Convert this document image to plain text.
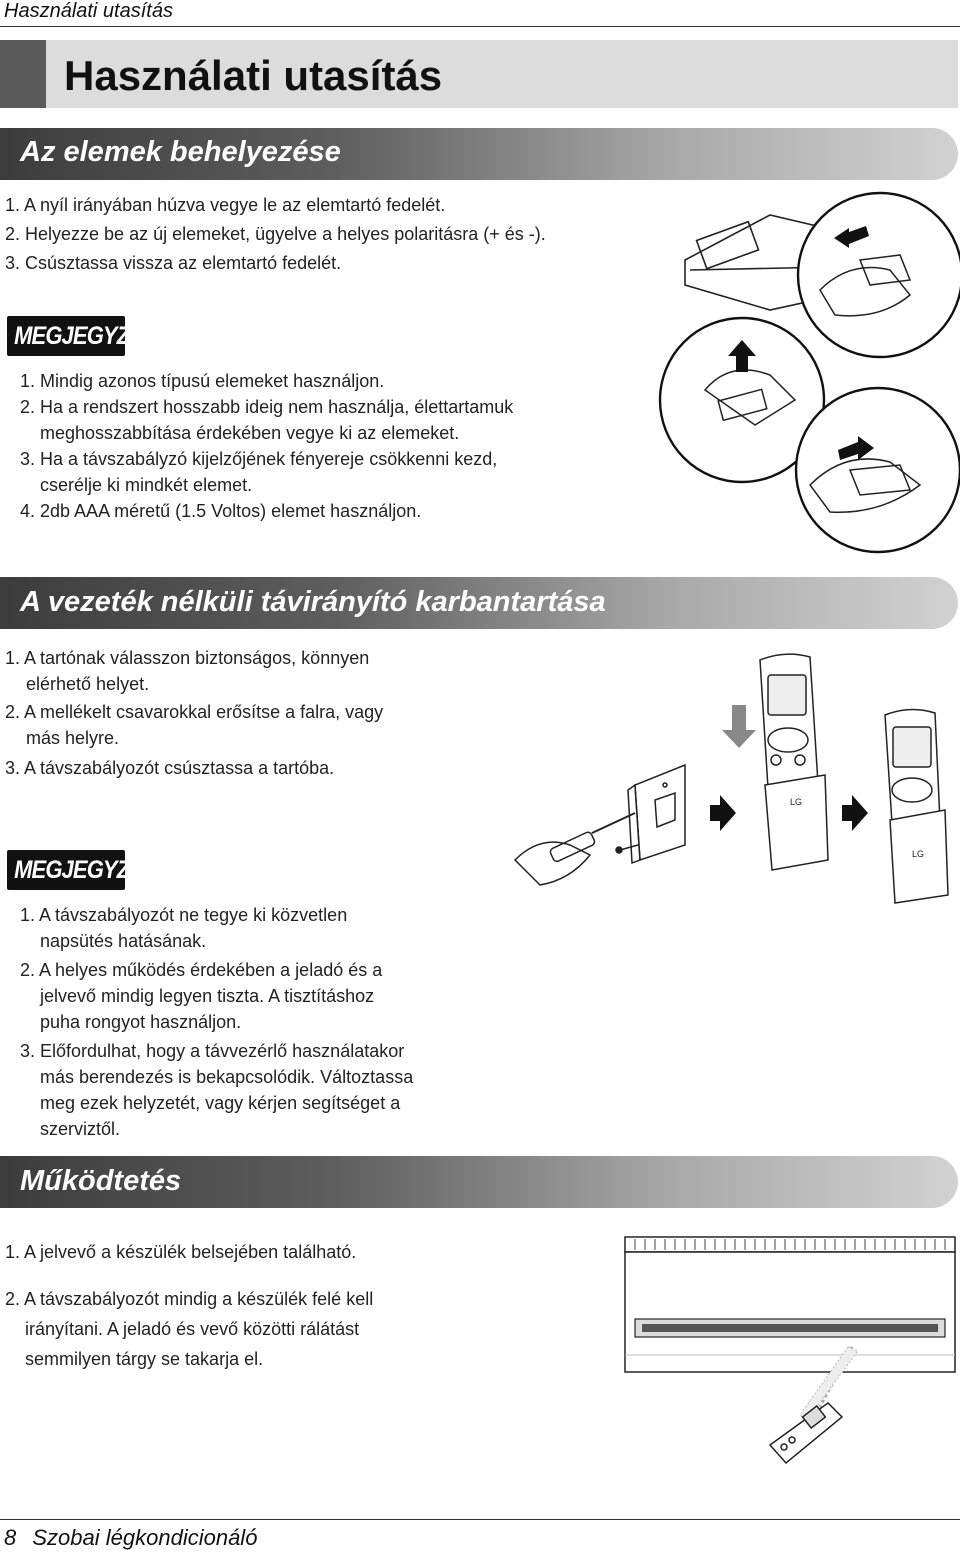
Használati utasítás
Használati utasítás
Az elemek behelyezése

1. A nyíl irányában húzva vegye le az elemtartó fedelét.

2. Helyezze be az új elemeket, ügyelve a helyes polaritásra (+ és -).

3. Csúsztassa vissza az elemtartó fedelét.

MEGJEGYZÉS
1. Mindig azonos típusú elemeket használjon.
2. Ha a rendszert hosszabb ideig nem használja, élettartamuk
meghosszabbítása érdekében vegye ki az elemeket.
3. Ha a távszabályzó kijelzőjének fényereje csökkenni kezd,
cserélje ki mindkét elemet.
4. 2db AAA méretű (1.5 Voltos) elemet használjon.
A vezeték nélküli távirányító karbantartása
1. A tartónak válasszon biztonságos, könnyen
elérhető helyet.
2. A mellékelt csavarokkal erősítse a falra, vagy
más helyre.
3. A távszabályozót csúsztassa a tartóba.
MEGJEGYZÉS
1. A távszabályozót ne tegye ki közvetlen
napsütés hatásának.
2. A helyes működés érdekében a jeladó és a
jelvevő mindig legyen tiszta. A tisztításhoz
puha rongyot használjon.
3. Előfordulhat, hogy a távvezérlő használatakor
más berendezés is bekapcsolódik. Változtassa
meg ezek helyzetét, vagy kérjen segítséget a
szerviztől.
LG
LG
Működtetés
1. A jelvevő a készülék belsejében található.
2. A távszabályozót mindig a készülék felé kell
irányítani. A jeladó és vevő közötti rálátást
semmilyen tárgy se takarja el.
8 Szobai légkondicionáló
